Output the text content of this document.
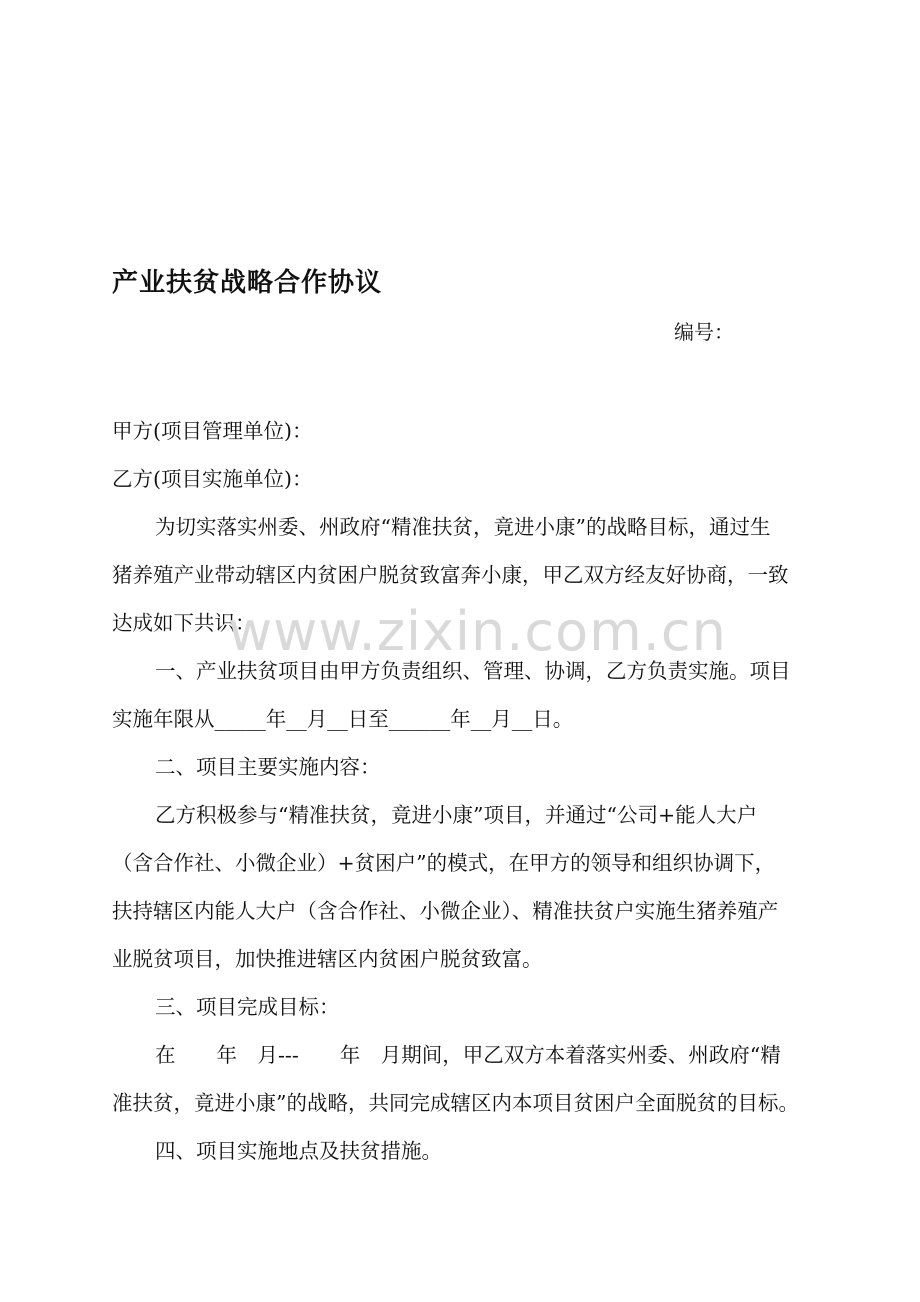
产业扶贫战略合作协议
编号：
甲方(项目管理单位)：
乙方(项目实施单位)：
为切实落实州委、州政府“精准扶贫，竟进小康”的战略目标，通过生
猪养殖产业带动辖区内贫困户脱贫致富奔小康，甲乙双方经友好协商，一致
达成如下共识：
一、产业扶贫项目由甲方负责组织、管理、协调，乙方负责实施。项目
实施年限从_____年__月__日至______年__月__日。
二、项目主要实施内容：
乙方积极参与“精准扶贫，竟进小康”项目，并通过“公司+能人大户
（含合作社、小微企业）+贫困户”的模式，在甲方的领导和组织协调下，
扶持辖区内能人大户（含合作社、小微企业）、精准扶贫户实施生猪养殖产
业脱贫项目，加快推进辖区内贫困户脱贫致富。
三、项目完成目标：
在　　年　月---　　年　月期间，甲乙双方本着落实州委、州政府“精
准扶贫，竟进小康”的战略，共同完成辖区内本项目贫困户全面脱贫的目标。
四、项目实施地点及扶贫措施。
www.zixin.com.cn
